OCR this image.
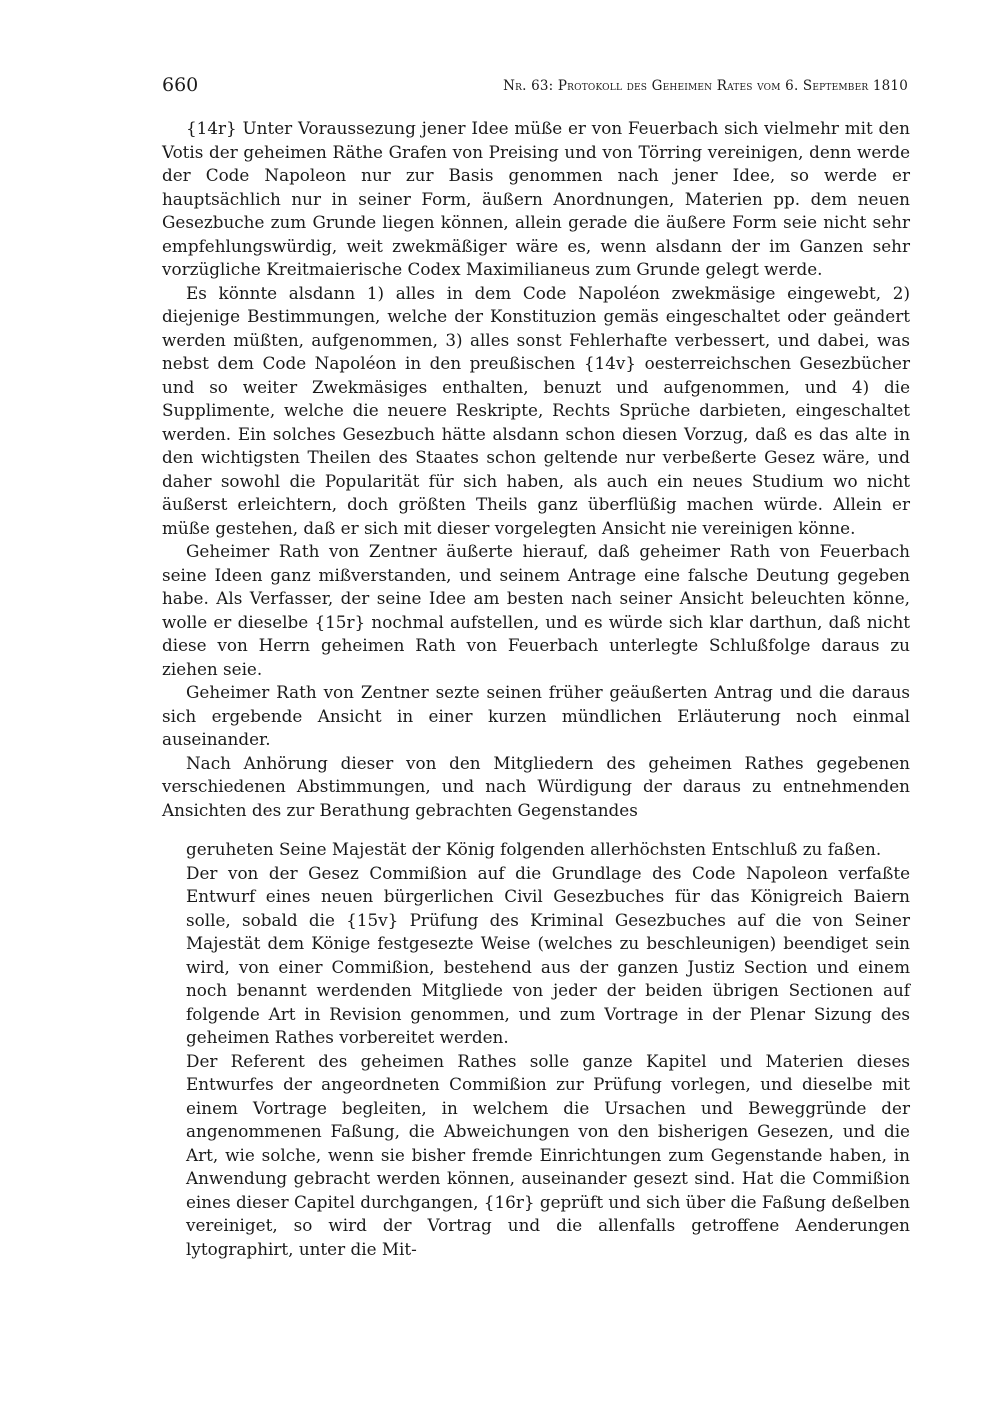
660	Nr. 63: Protokoll des Geheimen Rates vom 6. September 1810

{14r} Unter Voraussezung jener Idee müße er von Feuerbach sich vielmehr mit den Votis der geheimen Räthe Grafen von Preising und von Törring vereinigen, denn werde der Code Napoleon nur zur Basis genommen nach jener Idee, so werde er hauptsächlich nur in seiner Form, äußern Anordnungen, Materien pp. dem neuen Gesezbuche zum Grunde liegen können, allein gerade die äußere Form seie nicht sehr empfehlungswürdig, weit zwekmäßiger wäre es, wenn alsdann der im Ganzen sehr vorzügliche Kreitmaierische Codex Maximilianeus zum Grunde gelegt werde.

Es könnte alsdann 1) alles in dem Code Napoléon zwekmäsige eingewebt, 2) diejenige Bestimmungen, welche der Konstituzion gemäs eingeschaltet oder geändert werden müßten, aufgenommen, 3) alles sonst Fehlerhafte verbessert, und dabei, was nebst dem Code Napoléon in den preußischen {14v} oesterreichschen Gesezbücher und so weiter Zwekmäsiges enthalten, benuzt und aufgenommen, und 4) die Supplimente, welche die neuere Reskripte, Rechts Sprüche darbieten, eingeschaltet werden. Ein solches Gesezbuch hätte alsdann schon diesen Vorzug, daß es das alte in den wichtigsten Theilen des Staates schon geltende nur verbeßerte Gesez wäre, und daher sowohl die Popularität für sich haben, als auch ein neues Studium wo nicht äußerst erleichtern, doch größten Theils ganz überflüßig machen würde. Allein er müße gestehen, daß er sich mit dieser vorgelegten Ansicht nie vereinigen könne.

Geheimer Rath von Zentner äußerte hierauf, daß geheimer Rath von Feuerbach seine Ideen ganz mißverstanden, und seinem Antrage eine falsche Deutung gegeben habe. Als Verfasser, der seine Idee am besten nach seiner Ansicht beleuchten könne, wolle er dieselbe {15r} nochmal aufstellen, und es würde sich klar darthun, daß nicht diese von Herrn geheimen Rath von Feuerbach unterlegte Schlußfolge daraus zu ziehen seie.

Geheimer Rath von Zentner sezte seinen früher geäußerten Antrag und die daraus sich ergebende Ansicht in einer kurzen mündlichen Erläuterung noch einmal auseinander.

Nach Anhörung dieser von den Mitgliedern des geheimen Rathes gegebenen verschiedenen Abstimmungen, und nach Würdigung der daraus zu entnehmenden Ansichten des zur Berathung gebrachten Gegenstandes

geruheten Seine Majestät der König folgenden allerhöchsten Entschluß zu faßen.

Der von der Gesez Commißion auf die Grundlage des Code Napoleon verfaßte Entwurf eines neuen bürgerlichen Civil Gesezbuches für das Königreich Baiern solle, sobald die {15v} Prüfung des Kriminal Gesezbuches auf die von Seiner Majestät dem Könige festgesezte Weise (welches zu beschleunigen) beendiget sein wird, von einer Commißion, bestehend aus der ganzen Justiz Section und einem noch benannt werdenden Mitgliede von jeder der beiden übrigen Sectionen auf folgende Art in Revision genommen, und zum Vortrage in der Plenar Sizung des geheimen Rathes vorbereitet werden.

Der Referent des geheimen Rathes solle ganze Kapitel und Materien dieses Entwurfes der angeordneten Commißion zur Prüfung vorlegen, und dieselbe mit einem Vortrage begleiten, in welchem die Ursachen und Beweggründe der angenommenen Faßung, die Abweichungen von den bisherigen Gesezen, und die Art, wie solche, wenn sie bisher fremde Einrichtungen zum Gegenstande haben, in Anwendung gebracht werden können, auseinander gesezt sind. Hat die Commißion eines dieser Capitel durchgangen, {16r} geprüft und sich über die Faßung deßelben vereiniget, so wird der Vortrag und die allenfalls getroffene Aenderungen lytographirt, unter die Mit-
